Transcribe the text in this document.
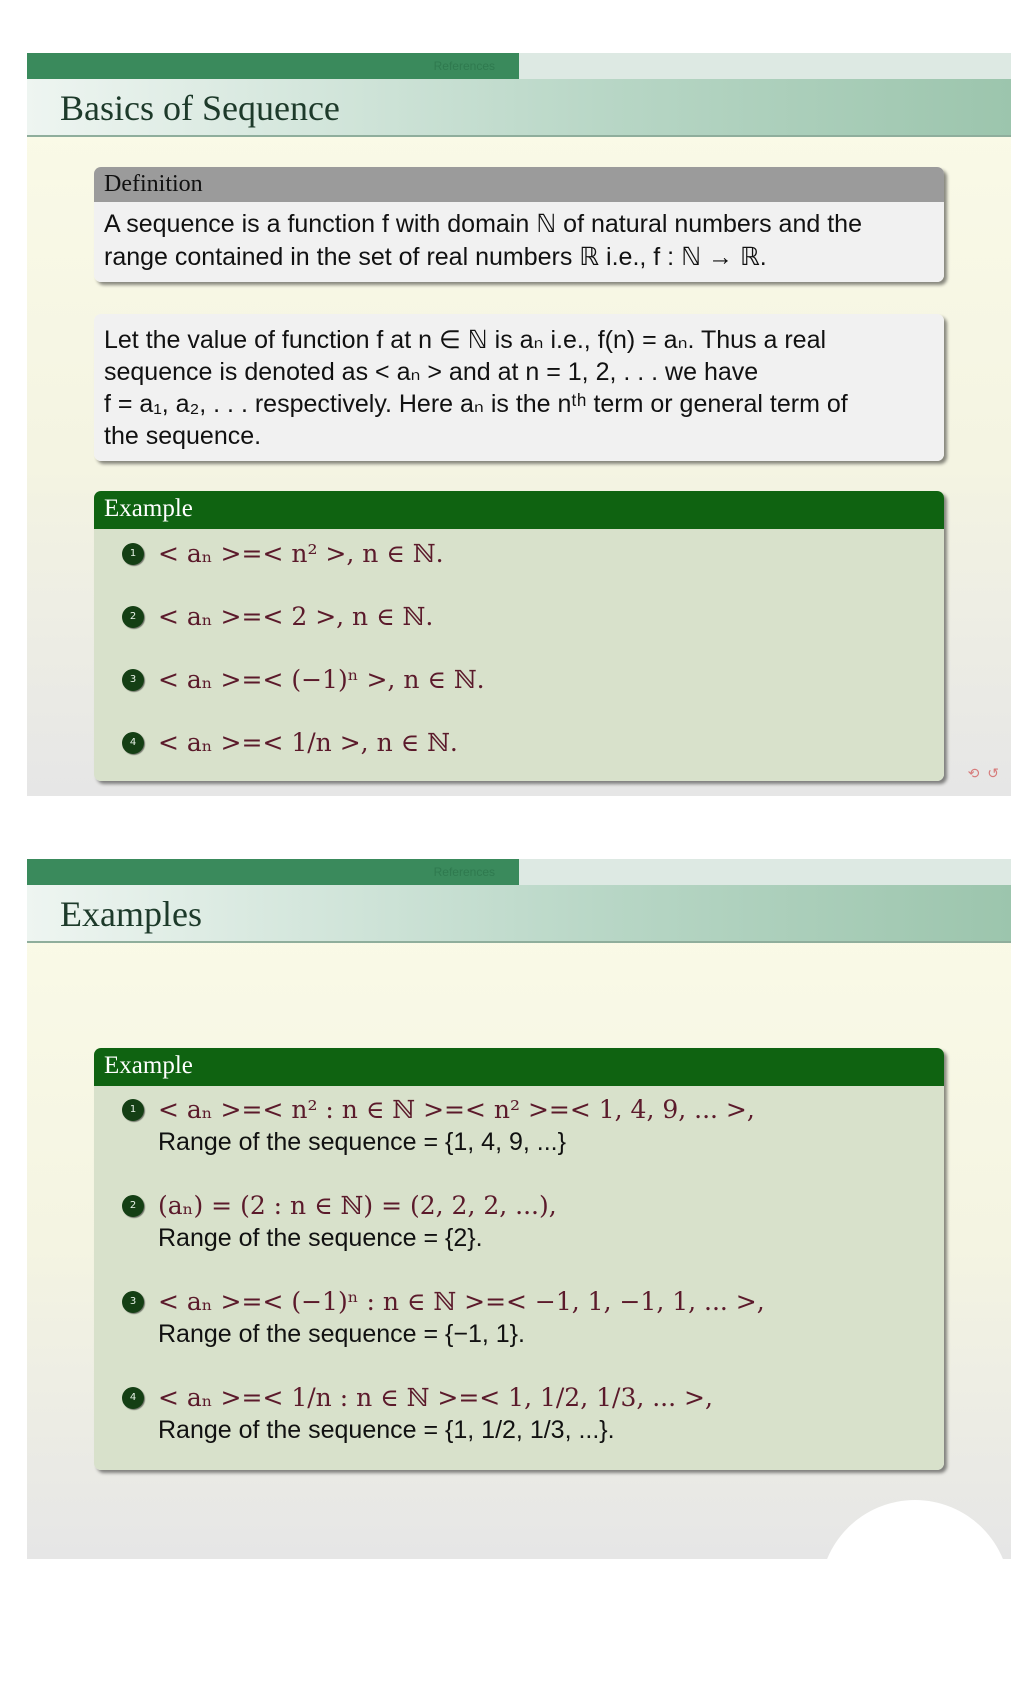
References
Basics of Sequence
Definition
A sequence is a function f with domain ℕ of natural numbers and the
range contained in the set of real numbers ℝ i.e., f : ℕ → ℝ.
Let the value of function f at n ∈ ℕ is aₙ i.e., f(n) = aₙ. Thus a real
sequence is denoted as < aₙ > and at n = 1, 2, . . . we have
f = a₁, a₂, . . . respectively. Here aₙ is the nᵗʰ term or general term of
the sequence.
Example
1 < aₙ >=< n² >, n ∈ ℕ.
2 < aₙ >=< 2 >, n ∈ ℕ.
3 < aₙ >=< (−1)ⁿ >, n ∈ ℕ.
4 < aₙ >=< 1/n >, n ∈ ℕ.
⟲ ↺
References
Examples
Example
1 < aₙ >=< n² : n ∈ ℕ >=< n² >=< 1, 4, 9, ... >,
Range of the sequence = {1, 4, 9, ...}
2 (aₙ) = (2 : n ∈ ℕ) = (2, 2, 2, ...),
Range of the sequence = {2}.
3 < aₙ >=< (−1)ⁿ : n ∈ ℕ >=< −1, 1, −1, 1, ... >,
Range of the sequence = {−1, 1}.
4 < aₙ >=< 1/n : n ∈ ℕ >=< 1, 1/2, 1/3, ... >,
Range of the sequence = {1, 1/2, 1/3, ...}.
